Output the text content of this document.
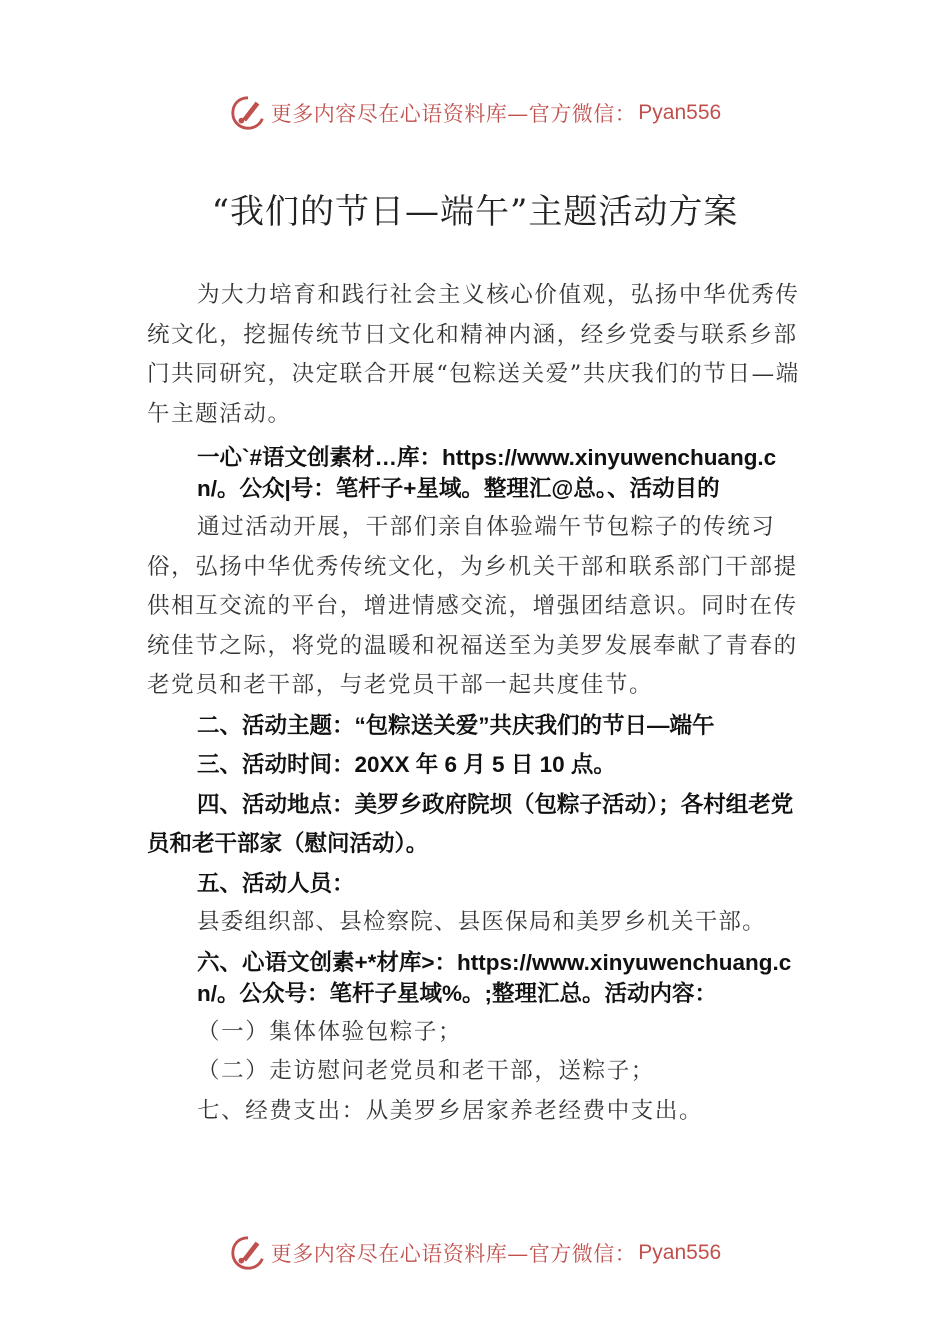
更多内容尽在心语资料库—官方微信： Pyan556
“我们的节日—端午”主题活动方案

为大力培育和践行社会主义核心价值观，弘扬中华优秀传统文化，挖掘传统节日文化和精神内涵，经乡党委与联系乡部门共同研究，决定联合开展“包粽送关爱”共庆我们的节日—端午主题活动。

一心`#语文创素材…库：https://www.xinyuwenchuang.cn/。公众|号：笔杆子+星域。整理汇@总。、活动目的

通过活动开展，干部们亲自体验端午节包粽子的传统习俗，弘扬中华优秀传统文化，为乡机关干部和联系部门干部提供相互交流的平台，增进情感交流，增强团结意识。同时在传统佳节之际，将党的温暖和祝福送至为美罗发展奉献了青春的老党员和老干部，与老党员干部一起共度佳节。

二、活动主题：“包粽送关爱”共庆我们的节日—端午

三、活动时间：20XX 年 6 月 5 日 10 点。

四、活动地点：美罗乡政府院坝（包粽子活动）；各村组老党员和老干部家（慰问活动）。

五、活动人员：

县委组织部、县检察院、县医保局和美罗乡机关干部。

六、心语文创素+*材库>：https://www.xinyuwenchuang.cn/。公众号：笔杆子星域%。;整理汇总。活动内容：

（一）集体体验包粽子；

（二）走访慰问老党员和老干部，送粽子；

七、经费支出：从美罗乡居家养老经费中支出。

更多内容尽在心语资料库—官方微信： Pyan556
